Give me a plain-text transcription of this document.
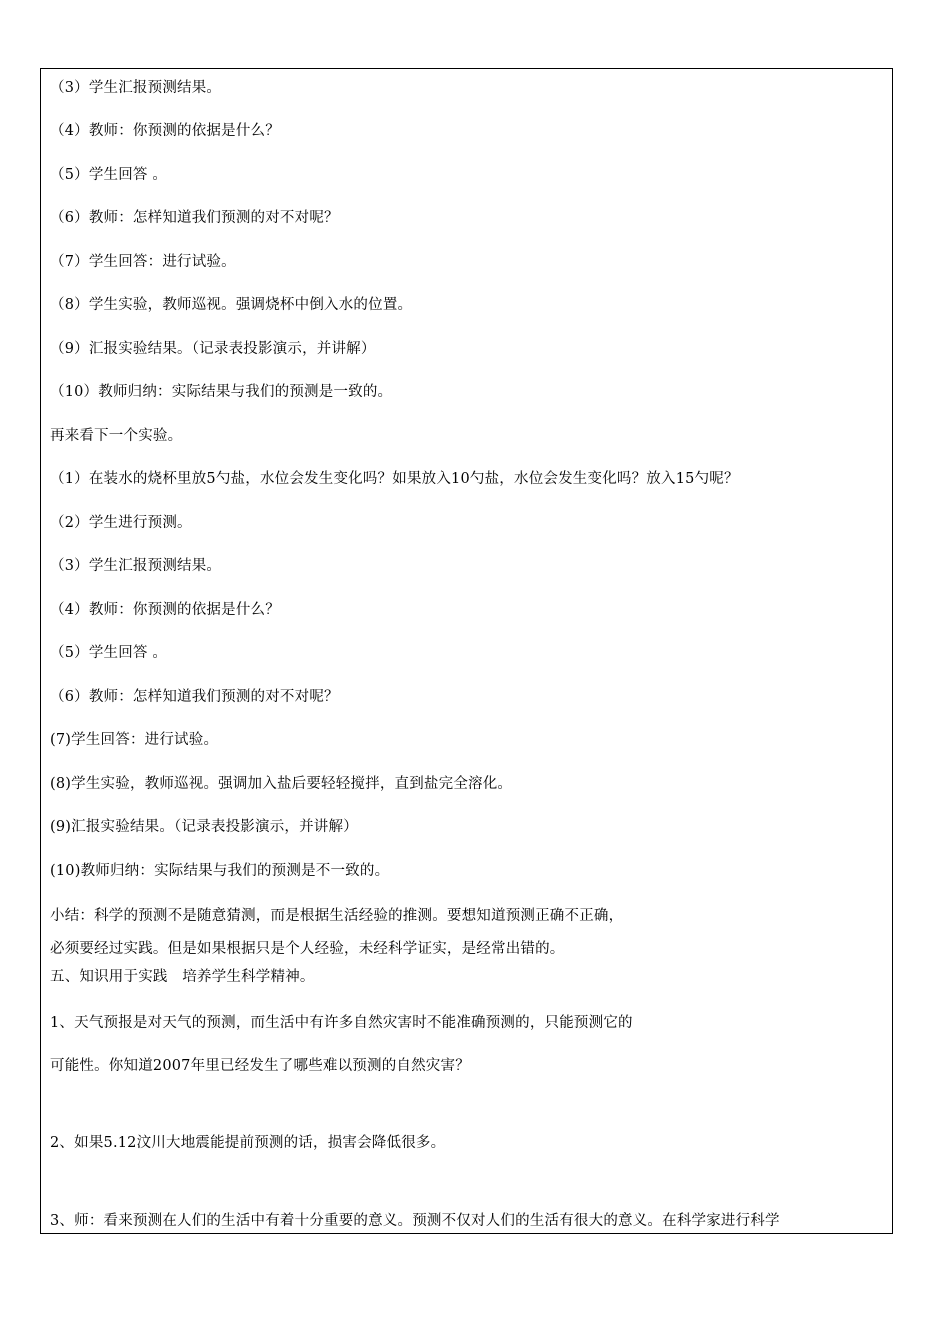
（3）学生汇报预测结果。
（4）教师：你预测的依据是什么？
（5）学生回答 。
（6）教师：怎样知道我们预测的对不对呢？
（7）学生回答：进行试验。
（8）学生实验，教师巡视。强调烧杯中倒入水的位置。
（9）汇报实验结果。（记录表投影演示，并讲解）
（10）教师归纳：实际结果与我们的预测是一致的。
再来看下一个实验。
（1）在装水的烧杯里放5勺盐，水位会发生变化吗？如果放入10勺盐，水位会发生变化吗？放入15勺呢？
（2）学生进行预测。
（3）学生汇报预测结果。
（4）教师：你预测的依据是什么？
（5）学生回答 。
（6）教师：怎样知道我们预测的对不对呢？
(7)学生回答：进行试验。
(8)学生实验，教师巡视。强调加入盐后要轻轻搅拌，直到盐完全溶化。
(9)汇报实验结果。（记录表投影演示，并讲解）
(10)教师归纳：实际结果与我们的预测是不一致的。
小结：科学的预测不是随意猜测，而是根据生活经验的推测。要想知道预测正确不正确，
必须要经过实践。但是如果根据只是个人经验，未经科学证实，是经常出错的。
五、知识用于实践　培养学生科学精神。
1、天气预报是对天气的预测，而生活中有许多自然灾害时不能准确预测的，只能预测它的
可能性。你知道2007年里已经发生了哪些难以预测的自然灾害？
2、如果5.12汶川大地震能提前预测的话，损害会降低很多。
3、师：看来预测在人们的生活中有着十分重要的意义。预测不仅对人们的生活有很大的意义。在科学家进行科学
